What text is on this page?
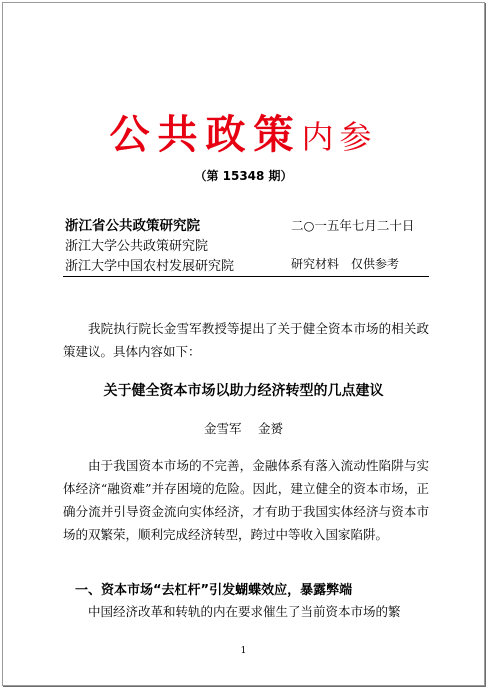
公共政策内参
（第 15348 期）
浙江省公共政策研究院	二○一五年七月二十日
浙江大学公共政策研究院
浙江大学中国农村发展研究院	研究材料　仅供参考
我院执行院长金雪军教授等提出了关于健全资本市场的相关政策建议。具体内容如下：
关于健全资本市场以助力经济转型的几点建议
金雪军　 金赟
由于我国资本市场的不完善，金融体系有落入流动性陷阱与实体经济“融资难”并存困境的危险。因此，建立健全的资本市场，正确分流并引导资金流向实体经济，才有助于我国实体经济与资本市场的双繁荣，顺利完成经济转型，跨过中等收入国家陷阱。
一、资本市场“去杠杆”引发蝴蝶效应，暴露弊端
中国经济改革和转轨的内在要求催生了当前资本市场的繁
1
